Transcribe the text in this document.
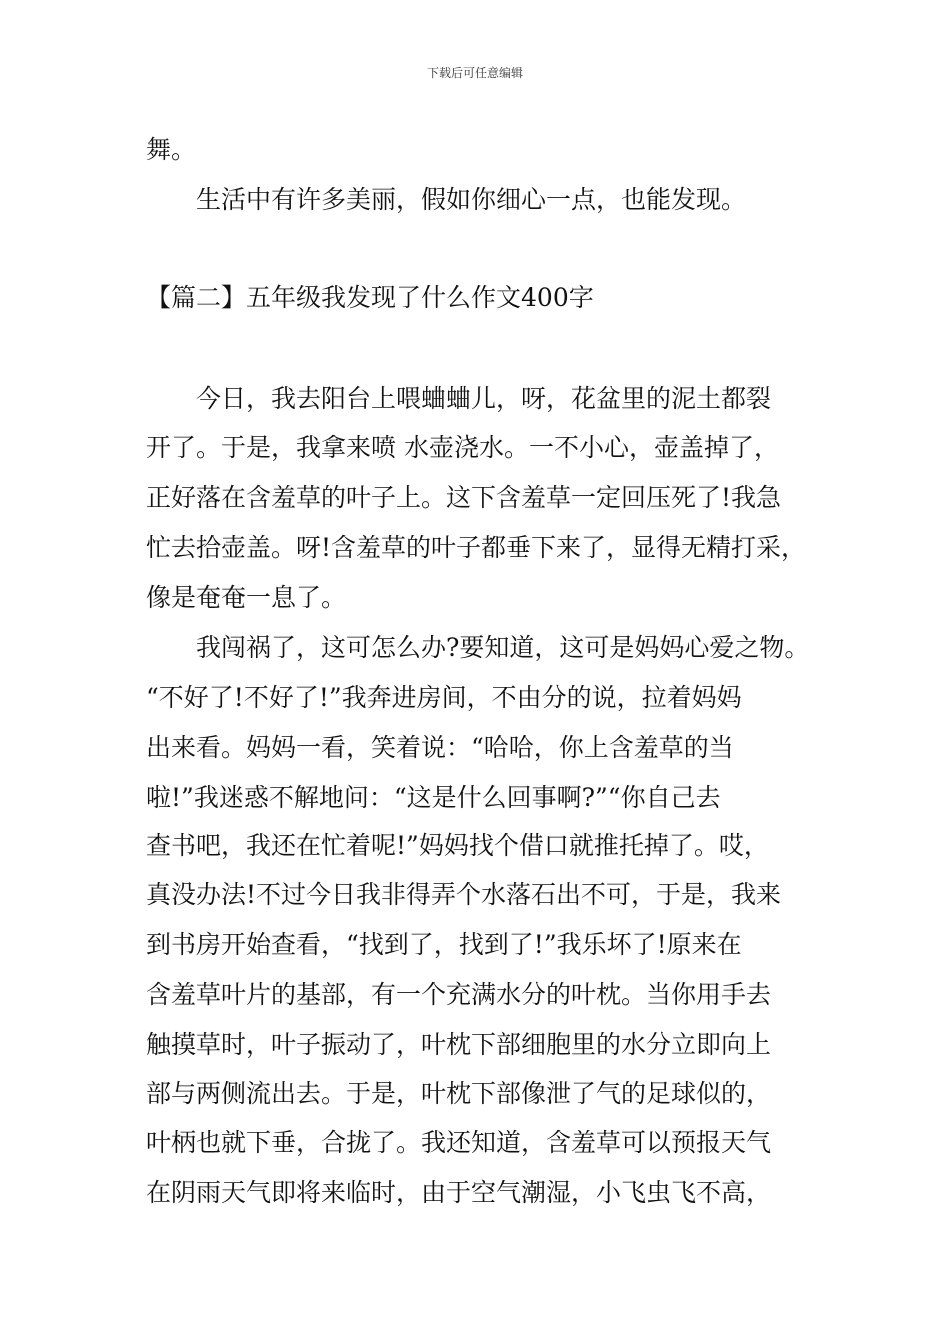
下载后可任意编辑
舞。
生活中有许多美丽，假如你细心一点，也能发现。
【篇二】五年级我发现了什么作文400字
今日，我去阳台上喂蛐蛐儿，呀，花盆里的泥土都裂
开了。于是，我拿来喷 水壶浇水。一不小心，壶盖掉了，
正好落在含羞草的叶子上。这下含羞草一定回压死了!我急
忙去拾壶盖。呀!含羞草的叶子都垂下来了，显得无精打采，
像是奄奄一息了。
我闯祸了，这可怎么办?要知道，这可是妈妈心爱之物。
“不好了!不好了!”我奔进房间，不由分的说，拉着妈妈
出来看。妈妈一看，笑着说：“哈哈，你上含羞草的当
啦!”我迷惑不解地问：“这是什么回事啊?”“你自己去
查书吧，我还在忙着呢!”妈妈找个借口就推托掉了。哎，
真没办法!不过今日我非得弄个水落石出不可，于是，我来
到书房开始查看，“找到了，找到了!”我乐坏了!原来在
含羞草叶片的基部，有一个充满水分的叶枕。当你用手去
触摸草时，叶子振动了，叶枕下部细胞里的水分立即向上
部与两侧流出去。于是，叶枕下部像泄了气的足球似的，
叶柄也就下垂，合拢了。我还知道，含羞草可以预报天气
在阴雨天气即将来临时，由于空气潮湿，小飞虫飞不高，
